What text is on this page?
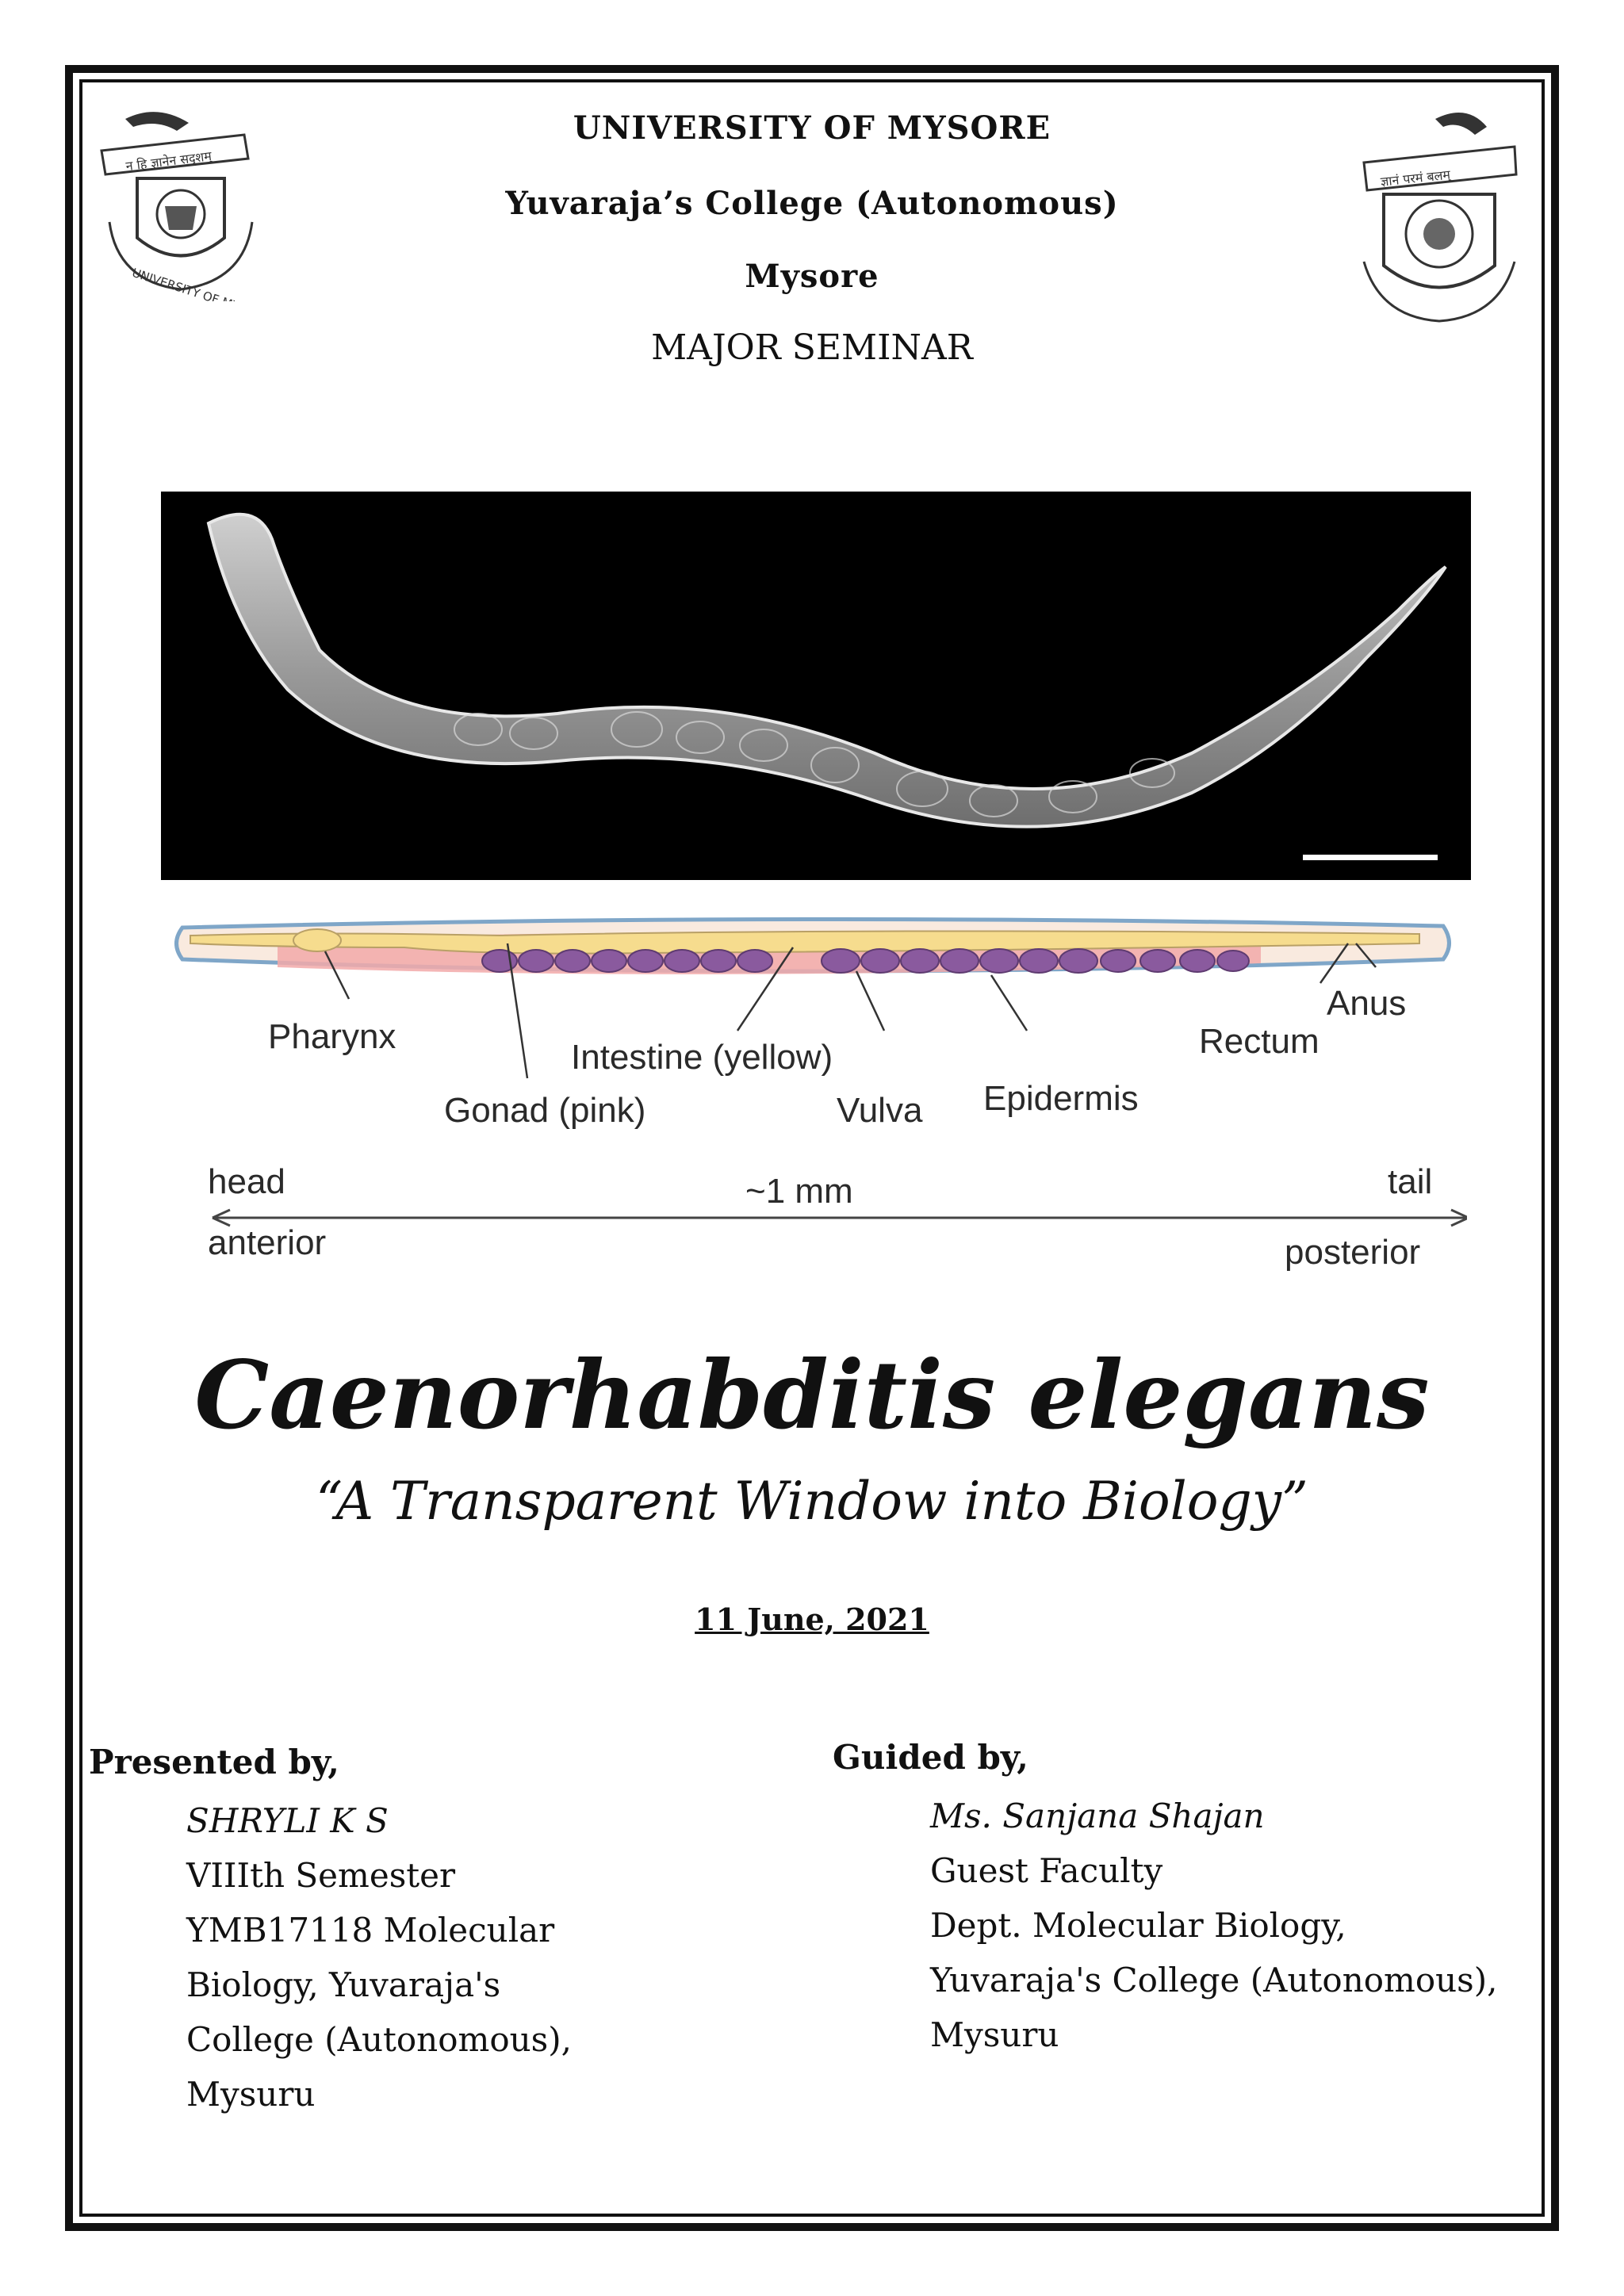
न हि ज्ञानेन सदृशम्
UNIVERSITY OF MYSORE
ज्ञानं परमं बलम्
UNIVERSITY OF MYSORE
Yuvaraja’s College (Autonomous)
Mysore
MAJOR SEMINAR
Pharynx
Gonad (pink)
Intestine (yellow)
Vulva Epidermis
Rectum
Anus
head	~1 mm	tail
anterior	posterior
Caenorhabditis elegans
“A Transparent Window into Biology”
11 June, 2021
Presented by,
SHRYLI K S
VIIIth Semester
YMB17118 Molecular
Biology, Yuvaraja's
College (Autonomous),
Mysuru
Guided by,
Ms. Sanjana Shajan
Guest Faculty
Dept. Molecular Biology,
Yuvaraja's College (Autonomous),
Mysuru
